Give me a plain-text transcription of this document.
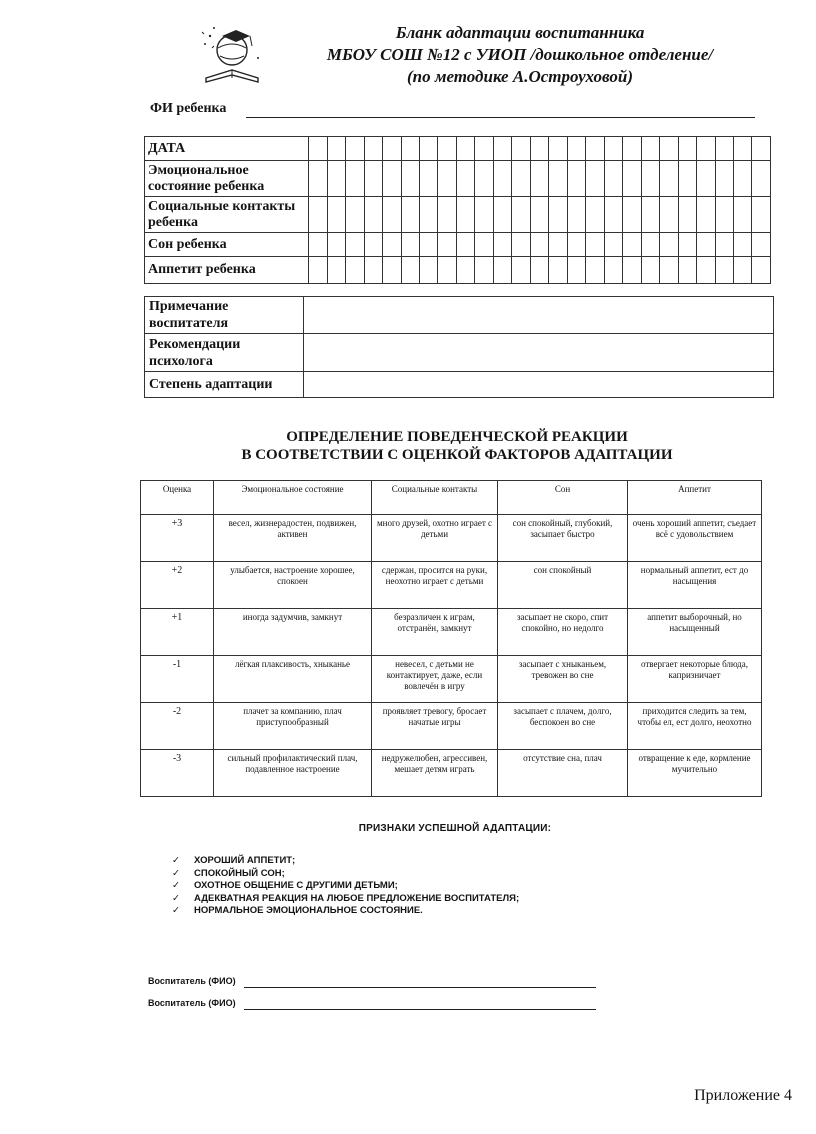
Бланк адаптации воспитанника
МБОУ СОШ №12 с УИОП /дошкольное отделение/
(по методике А.Остроуховой)
ФИ ребенка
ДАТА																									
Эмоциональное состояние ребенка																									
Социальные контакты ребенка																									
Сон ребенка																									
Аппетит ребенка																									
Примечание воспитателя	
Рекомендации психолога	
Степень адаптации	
ОПРЕДЕЛЕНИЕ ПОВЕДЕНЧЕСКОЙ РЕАКЦИИ
В СООТВЕТСТВИИ С ОЦЕНКОЙ ФАКТОРОВ АДАПТАЦИИ
Оценка	Эмоциональное состояние	Социальные контакты	Сон	Аппетит
+3	весел, жизнерадостен, подвижен, активен	много друзей, охотно играет с детьми	сон спокойный, глубокий, засыпает быстро	очень хороший аппетит, съедает всё с удовольствием
+2	улыбается, настроение хорошее, спокоен	сдержан, просится на руки, неохотно играет с детьми	сон спокойный	нормальный аппетит, ест до насыщения
+1	иногда задумчив, замкнут	безразличен к играм, отстранён, замкнут	засыпает не скоро, спит спокойно, но недолго	аппетит выборочный, но насыщенный
-1	лёгкая плаксивость, хныканье	невесел, с детьми не контактирует, даже, если вовлечён в игру	засыпает с хныканьем, тревожен во сне	отвергает некоторые блюда, капризничает
-2	плачет за компанию, плач приступообразный	проявляет тревогу, бросает начатые игры	засыпает с плачем, долго, беспокоен во сне	приходится следить за тем, чтобы ел, ест долго, неохотно
-3	сильный профилактический плач, подавленное настроение	недружелюбен, агрессивен, мешает детям играть	отсутствие сна, плач	отвращение к еде, кормление мучительно
ПРИЗНАКИ УСПЕШНОЙ АДАПТАЦИИ:
✓ ХОРОШИЙ АППЕТИТ;
✓ СПОКОЙНЫЙ СОН;
✓ ОХОТНОЕ ОБЩЕНИЕ С ДРУГИМИ ДЕТЬМИ;
✓ АДЕКВАТНАЯ РЕАКЦИЯ НА ЛЮБОЕ ПРЕДЛОЖЕНИЕ ВОСПИТАТЕЛЯ;
✓ НОРМАЛЬНОЕ ЭМОЦИОНАЛЬНОЕ СОСТОЯНИЕ.
Воспитатель (ФИО)
Воспитатель (ФИО)
Приложение 4
